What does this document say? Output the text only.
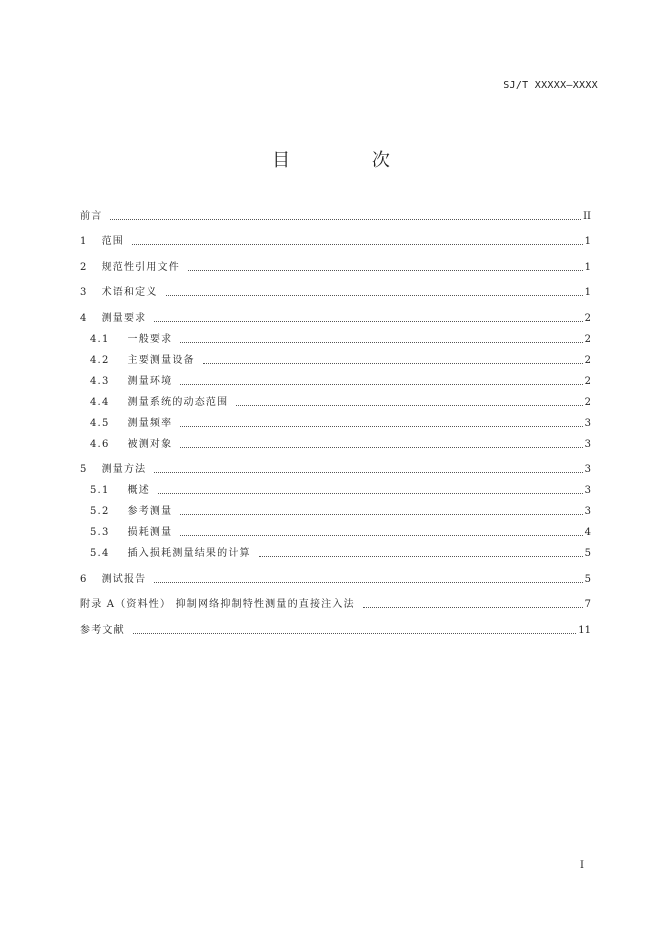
SJ/T XXXXX—XXXX
目 次
前言	II
1 范围	1
2 规范性引用文件	1
3 术语和定义	1
4 测量要求	2
4.1 一般要求	2
4.2 主要测量设备	2
4.3 测量环境	2
4.4 测量系统的动态范围	2
4.5 测量频率	3
4.6 被测对象	3
5 测量方法	3
5.1 概述	3
5.2 参考测量	3
5.3 损耗测量	4
5.4 插入损耗测量结果的计算	5
6 测试报告	5
附录 A（资料性） 抑制网络抑制特性测量的直接注入法	7
参考文献	11
I
